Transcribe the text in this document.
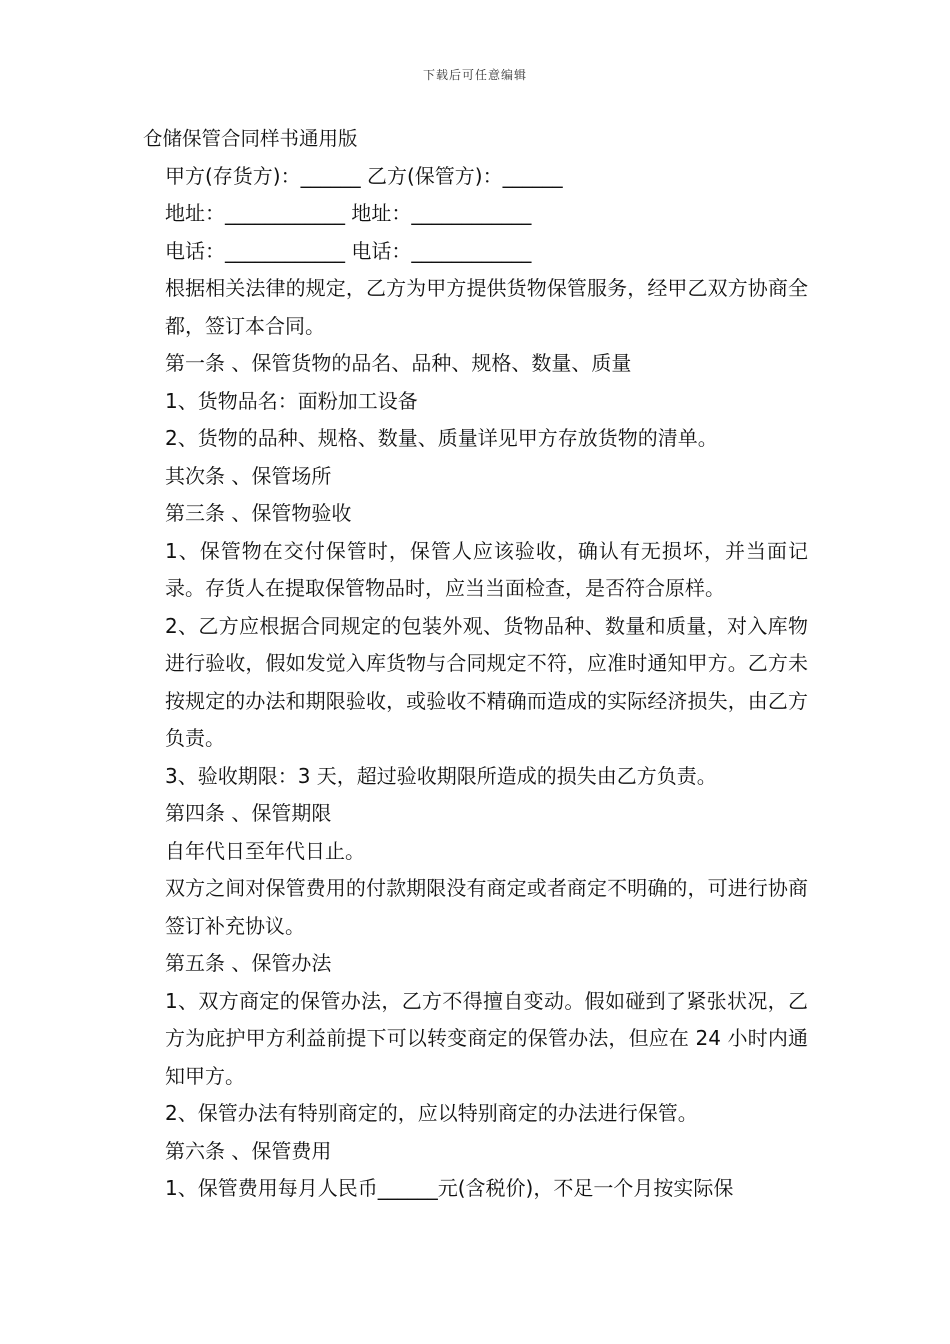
下载后可任意编辑
仓储保管合同样书通用版
甲方(存货方)：______ 乙方(保管方)：______
地址：____________ 地址：____________
电话：____________ 电话：____________
根据相关法律的规定，乙方为甲方提供货物保管服务，经甲乙双方协商全都，签订本合同。
第一条 、保管货物的品名、品种、规格、数量、质量
1、货物品名：面粉加工设备
2、货物的品种、规格、数量、质量详见甲方存放货物的清单。
其次条 、保管场所
第三条 、保管物验收
1、保管物在交付保管时，保管人应该验收，确认有无损坏，并当面记录。存货人在提取保管物品时，应当当面检查，是否符合原样。
2、乙方应根据合同规定的包装外观、货物品种、数量和质量，对入库物进行验收，假如发觉入库货物与合同规定不符，应准时通知甲方。乙方未按规定的办法和期限验收，或验收不精确而造成的实际经济损失，由乙方负责。
3、验收期限：3 天，超过验收期限所造成的损失由乙方负责。
第四条 、保管期限
自年代日至年代日止。
双方之间对保管费用的付款期限没有商定或者商定不明确的，可进行协商签订补充协议。
第五条 、保管办法
1、双方商定的保管办法，乙方不得擅自变动。假如碰到了紧张状况，乙方为庇护甲方利益前提下可以转变商定的保管办法，但应在 24 小时内通知甲方。
2、保管办法有特别商定的，应以特别商定的办法进行保管。
第六条 、保管费用
1、保管费用每月人民币______元(含税价)，不足一个月按实际保
